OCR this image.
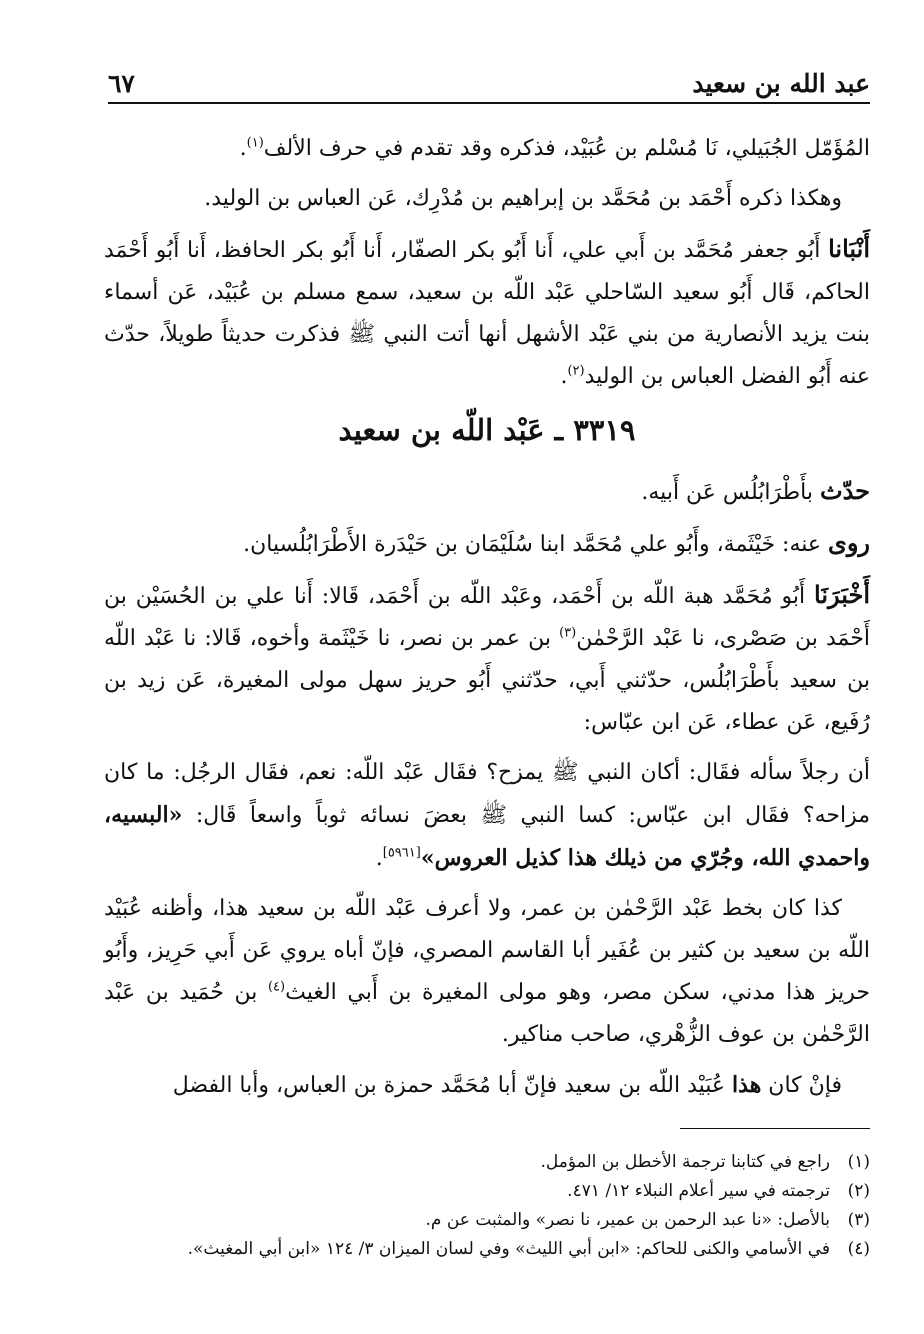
عبد الله بن سعيد
٦٧

المُؤَمّل الجُبَيلي، نَا مُسْلم بن عُبَيْد، فذكره وقد تقدم في حرف الألف$^{(١)}$.

وهكذا ذكره أَحْمَد بن مُحَمَّد بن إبراهيم بن مُدْرِك، عَن العباس بن الوليد.

أَنْبَانا أَبُو جعفر مُحَمَّد بن أَبي علي، أَنا أَبُو بكر الصفّار، أَنا أَبُو بكر الحافظ، أَنا أَبُو أَحْمَد الحاكم، قَال أَبُو سعيد السّاحلي عَبْد اللّه بن سعيد، سمع مسلم بن عُبَيْد، عَن أسماء بنت يزيد الأنصارية من بني عَبْد الأشهل أنها أتت النبي ﷺ فذكرت حديثاً طويلاً، حدّث عنه أَبُو الفضل العباس بن الوليد$^{(٢)}$.

٣٣١٩ ـ عَبْد اللّه بن سعيد

حدّث بأَطْرَابُلُس عَن أَبيه.

روى عنه: خَيْثَمة، وأَبُو علي مُحَمَّد ابنا سُلَيْمَان بن حَيْدَرة الأَطْرَابُلُسيان.

أَخْبَرَنَا أَبُو مُحَمَّد هبة اللّه بن أَحْمَد، وعَبْد اللّه بن أَحْمَد، قَالا: أَنا علي بن الحُسَيْن بن أَحْمَد بن صَصْرى، نا عَبْد الرَّحْمٰن$^{(٣)}$ بن عمر بن نصر، نا خَيْثَمة وأخوه، قَالا: نا عَبْد اللّه بن سعيد بأَطْرَابُلُس، حدّثني أَبي، حدّثني أَبُو حريز سهل مولى المغيرة، عَن زيد بن رُفَيع، عَن عطاء، عَن ابن عبّاس:

أن رجلاً سأله فقَال: أكان النبي ﷺ يمزح؟ فقَال عَبْد اللّه: نعم، فقَال الرجُل: ما كان مزاحه؟ فقَال ابن عبّاس: كسا النبي ﷺ بعضَ نسائه ثوباً واسعاً قَال: «البسيه، واحمدي الله، وجُرّي من ذيلك هذا كذيل العروس»[٥٩٦١].

كذا كان بخط عَبْد الرَّحْمٰن بن عمر، ولا أعرف عَبْد اللّه بن سعيد هذا، وأظنه عُبَيْد اللّه بن سعيد بن كثير بن عُفَير أبا القاسم المصري، فإنّ أباه يروي عَن أَبي حَرِيز، وأَبُو حريز هذا مدني، سكن مصر، وهو مولى المغيرة بن أَبي الغيث$^{(٤)}$ بن حُمَيد بن عَبْد الرَّحْمٰن بن عوف الزُّهْري، صاحب مناكير.

فإنْ كان هذا عُبَيْد اللّه بن سعيد فإنّ أبا مُحَمَّد حمزة بن العباس، وأبا الفضل

(١)
راجع في كتابنا ترجمة الأخطل بن المؤمل.
(٢)
ترجمته في سير أعلام النبلاء ١٢/ ٤٧١.
(٣)
بالأصل: «نا عبد الرحمن بن عمير، نا نصر» والمثبت عن م.
(٤)
في الأسامي والكنى للحاكم: «ابن أبي الليث» وفي لسان الميزان ٣/ ١٢٤ «ابن أبي المغيث».
